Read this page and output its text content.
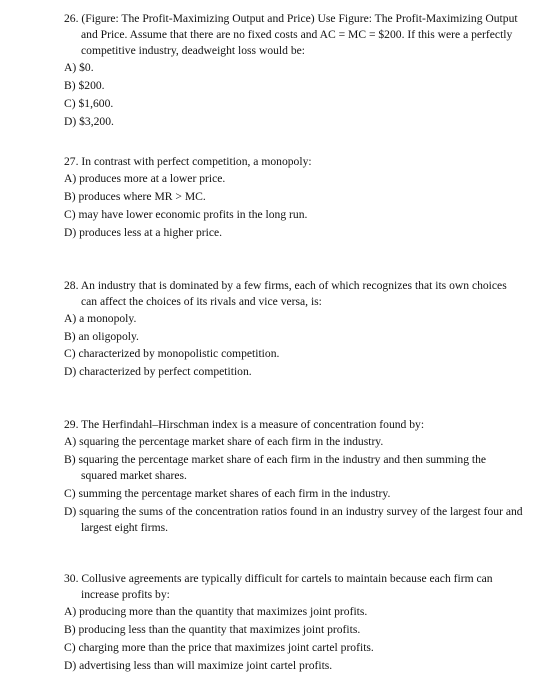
26. (Figure: The Profit-Maximizing Output and Price) Use Figure: The Profit-Maximizing Output and Price. Assume that there are no fixed costs and AC = MC = $200. If this were a perfectly competitive industry, deadweight loss would be:

A) $0.

B) $200.

C) $1,600.

D) $3,200.

27. In contrast with perfect competition, a monopoly:

A) produces more at a lower price.

B) produces where MR > MC.

C) may have lower economic profits in the long run.

D) produces less at a higher price.

28. An industry that is dominated by a few firms, each of which recognizes that its own choices can affect the choices of its rivals and vice versa, is:

A) a monopoly.

B) an oligopoly.

C) characterized by monopolistic competition.

D) characterized by perfect competition.

29. The Herfindahl–Hirschman index is a measure of concentration found by:

A) squaring the percentage market share of each firm in the industry.

B) squaring the percentage market share of each firm in the industry and then summing the squared market shares.

C) summing the percentage market shares of each firm in the industry.

D) squaring the sums of the concentration ratios found in an industry survey of the largest four and largest eight firms.

30. Collusive agreements are typically difficult for cartels to maintain because each firm can increase profits by:

A) producing more than the quantity that maximizes joint profits.

B) producing less than the quantity that maximizes joint profits.

C) charging more than the price that maximizes joint cartel profits.

D) advertising less than will maximize joint cartel profits.
